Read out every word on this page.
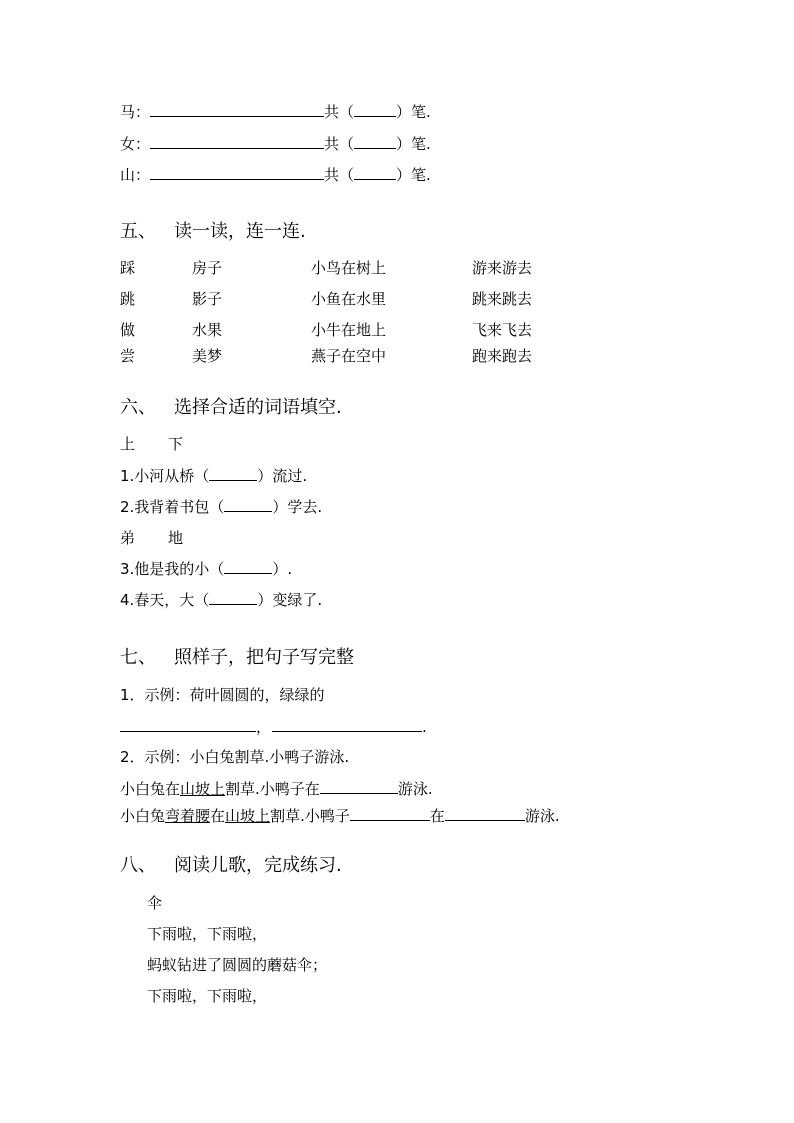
马：	共（	）笔.
女：	共（	）笔.
山：	共（	）笔.
五、 读一读，连一连.
踩	房子	小鸟在树上	游来游去
跳	影子	小鱼在水里	跳来跳去
做	水果	小牛在地上	飞来飞去
尝	美梦	燕子在空中	跑来跑去
六、 选择合适的词语填空.
上 下
1.小河从桥（	）流过.
2.我背着书包（	）学去.
弟 地
3.他是我的小（	）.
4.春天，大（	）变绿了.
七、 照样子，把句子写完整
1．示例：荷叶圆圆的，绿绿的
，	.
2．示例：小白兔割草.小鸭子游泳.
小白兔在山坡上割草.小鸭子在	游泳.
小白兔弯着腰在山坡上割草.小鸭子	在	游泳.
八、 阅读儿歌，完成练习.
伞
下雨啦，下雨啦，
蚂蚁钻进了圆圆的蘑菇伞；
下雨啦，下雨啦，
